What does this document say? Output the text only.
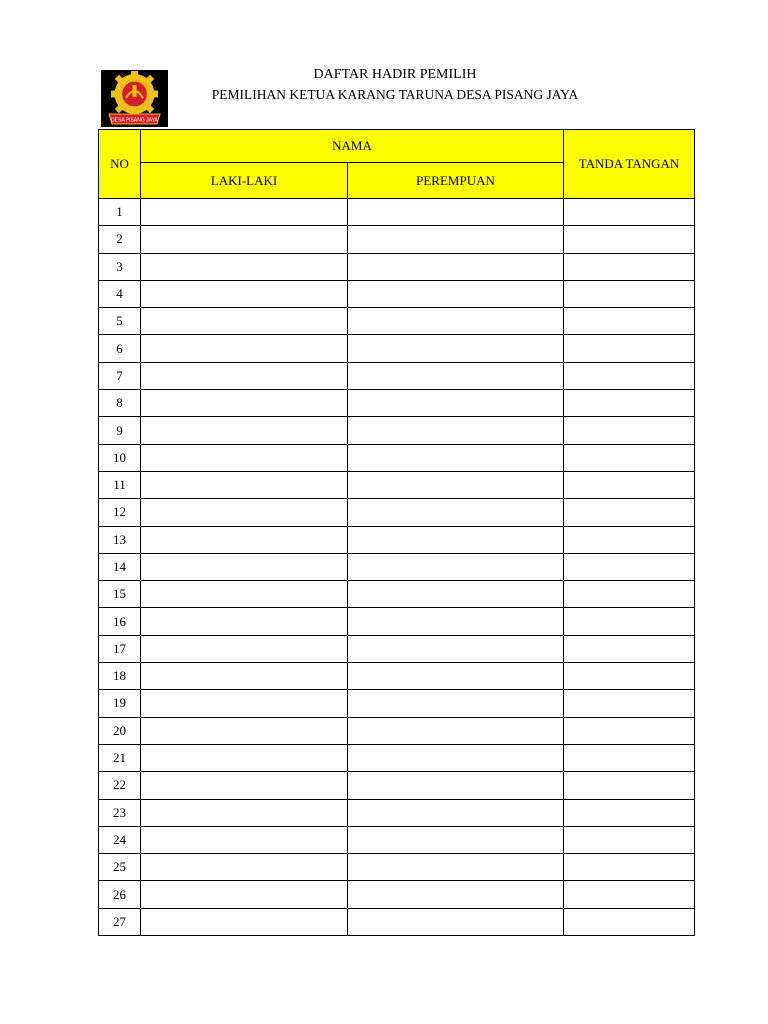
DESA PISANG JAYA
DAFTAR HADIR PEMILIH
PEMILIHAN KETUA KARANG TARUNA DESA PISANG JAYA
NO	NAMA		TANDA TANGAN
	LAKI-LAKI	PEREMPUAN	
1			
2			
3			
4			
5			
6			
7			
8			
9			
10			
11			
12			
13			
14			
15			
16			
17			
18			
19			
20			
21			
22			
23			
24			
25			
26			
27			
